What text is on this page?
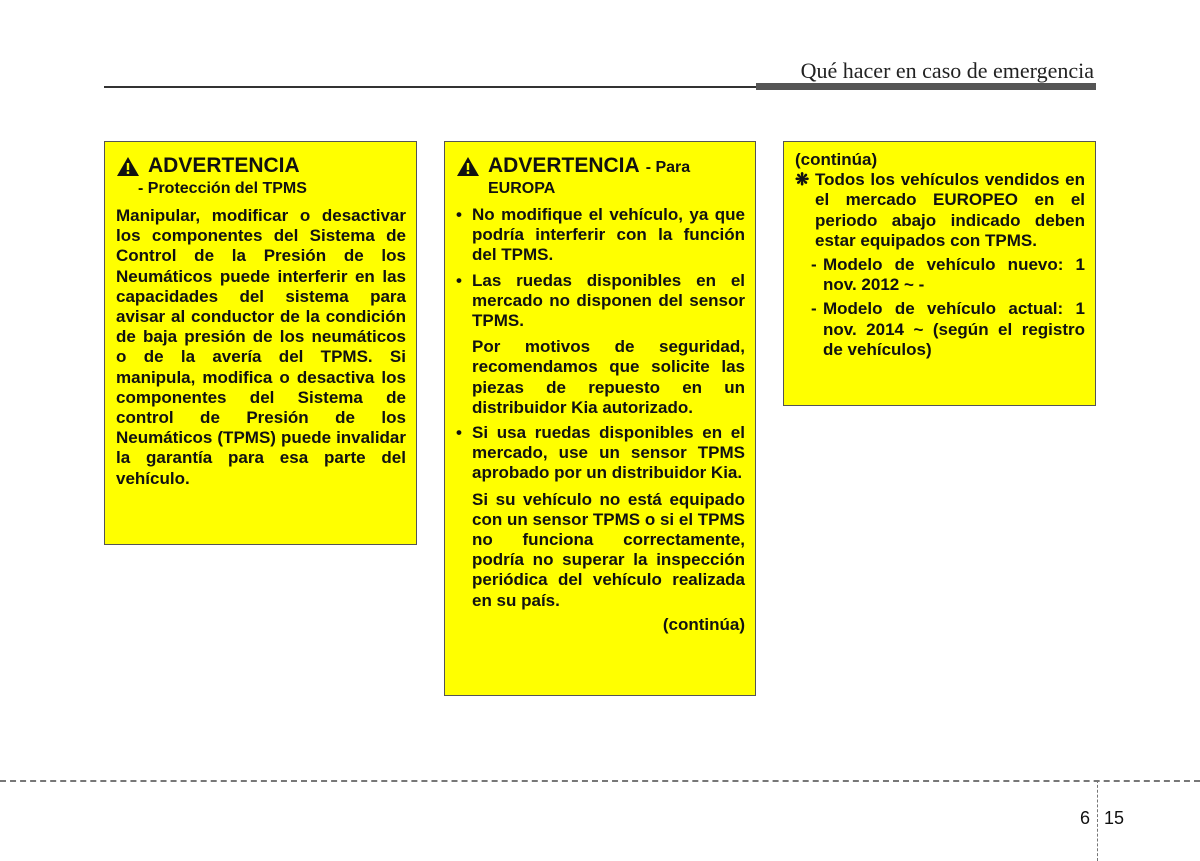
Qué hacer en caso de emergencia
ADVERTENCIA
- Protección del TPMS

Manipular, modificar o desactivar los componentes del Sistema de Control de la Presión de los Neumáticos puede interferir en las capacidades del sistema para avisar al conductor de la condición de baja presión de los neumáticos o de la avería del TPMS. Si manipula, modifica o desactiva los componentes del Sistema de control de Presión de los Neumáticos (TPMS) puede invalidar la garantía para esa parte del vehículo.

ADVERTENCIA - Para
EUROPA
• No modifique el vehículo, ya que podría interferir con la función del TPMS.

• Las ruedas disponibles en el mercado no disponen del sensor TPMS.

Por motivos de seguridad, recomendamos que solicite las piezas de repuesto en un distribuidor Kia autorizado.

• Si usa ruedas disponibles en el mercado, use un sensor TPMS aprobado por un distribuidor Kia.

Si su vehículo no está equipado con un sensor TPMS o si el TPMS no funciona correctamente, podría no superar la inspección periódica del vehículo realizada en su país.

(continúa)
(continúa)
❋ Todos los vehículos vendidos en el mercado EUROPEO en el periodo abajo indicado deben estar equipados con TPMS.

- Modelo de vehículo nuevo: 1 nov. 2012 ~ -

- Modelo de vehículo actual: 1 nov. 2014 ~ (según el registro de vehículos)

6 15
